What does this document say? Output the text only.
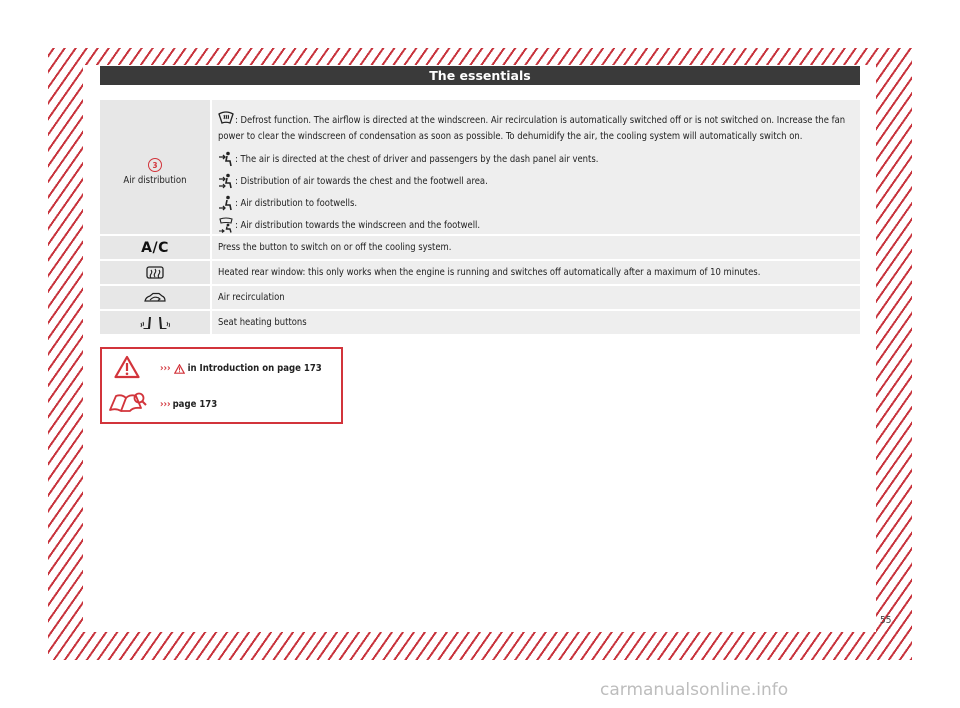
The essentials
3
Air distribution
: Defrost function. The airflow is directed at the windscreen. Air recirculation is automatically switched off or is not switched on. Increase the fan power to clear the windscreen of condensation as soon as possible. To dehumidify the air, the cooling system will automatically switch on.
: The air is directed at the chest of driver and passengers by the dash panel air vents.
: Distribution of air towards the chest and the footwell area.
: Air distribution to footwells.
: Air distribution towards the windscreen and the footwell.
A/C	Press the button to switch on or off the cooling system.
Heated rear window: this only works when the engine is running and switches off automatically after a maximum of 10 minutes.
Air recirculation
Seat heating buttons
››› in Introduction on page 173
››› page 173
55
carmanualsonline.info
